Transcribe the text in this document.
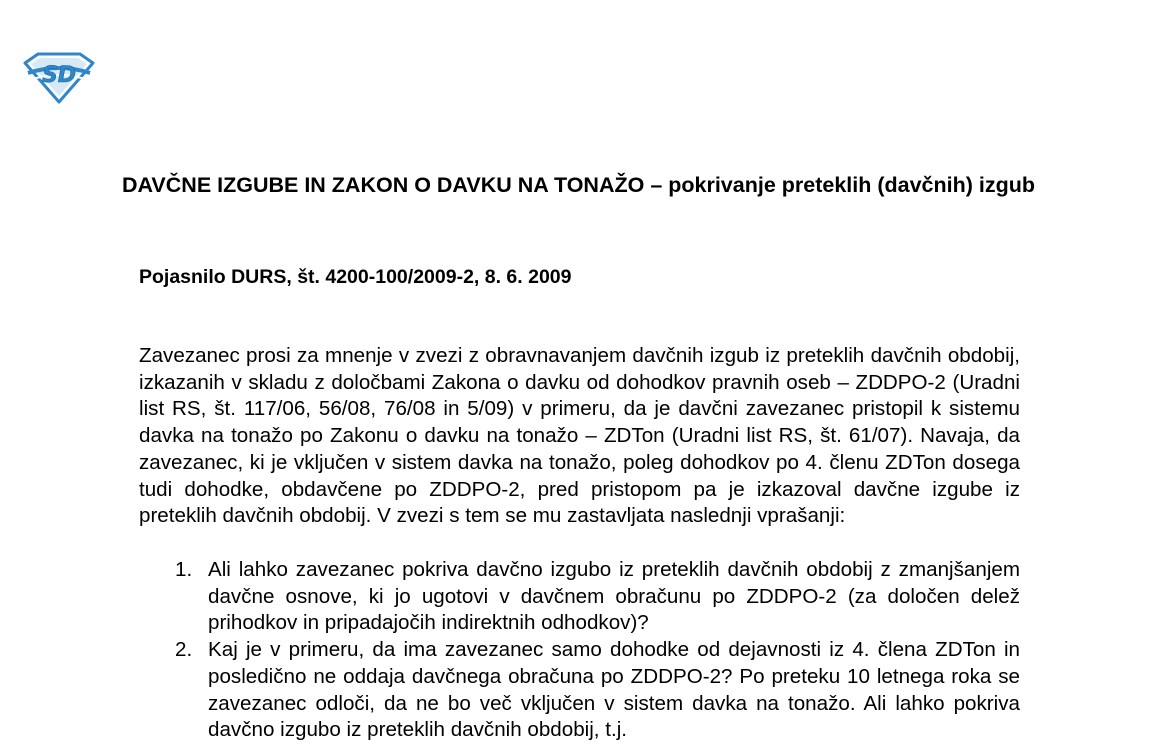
SD
DAVČNE IZGUBE IN ZAKON O DAVKU NA TONAŽO – pokrivanje preteklih (davčnih) izgub

Pojasnilo DURS, št. 4200-100/2009-2, 8. 6. 2009

Zavezanec prosi za mnenje v zvezi z obravnavanjem davčnih izgub iz preteklih davčnih obdobij, izkazanih v skladu z določbami Zakona o davku od dohodkov pravnih oseb – ZDDPO-2 (Uradni list RS, št. 117/06, 56/08, 76/08 in 5/09) v primeru, da je davčni zavezanec pristopil k sistemu davka na tonažo po Zakonu o davku na tonažo – ZDTon (Uradni list RS, št. 61/07). Navaja, da zavezanec, ki je vključen v sistem davka na tonažo, poleg dohodkov po 4. členu ZDTon dosega tudi dohodke, obdavčene po ZDDPO-2, pred pristopom pa je izkazoval davčne izgube iz preteklih davčnih obdobij. V zvezi s tem se mu zastavljata naslednji vprašanji:

1. Ali lahko zavezanec pokriva davčno izgubo iz preteklih davčnih obdobij z zmanjšanjem davčne osnove, ki jo ugotovi v davčnem obračunu po ZDDPO-2 (za določen delež prihodkov in pripadajočih indirektnih odhodkov)?
2. Kaj je v primeru, da ima zavezanec samo dohodke od dejavnosti iz 4. člena ZDTon in posledično ne oddaja davčnega obračuna po ZDDPO-2? Po preteku 10 letnega roka se zavezanec odloči, da ne bo več vključen v sistem davka na tonažo. Ali lahko pokriva davčno izgubo iz preteklih davčnih obdobij, t.j.
